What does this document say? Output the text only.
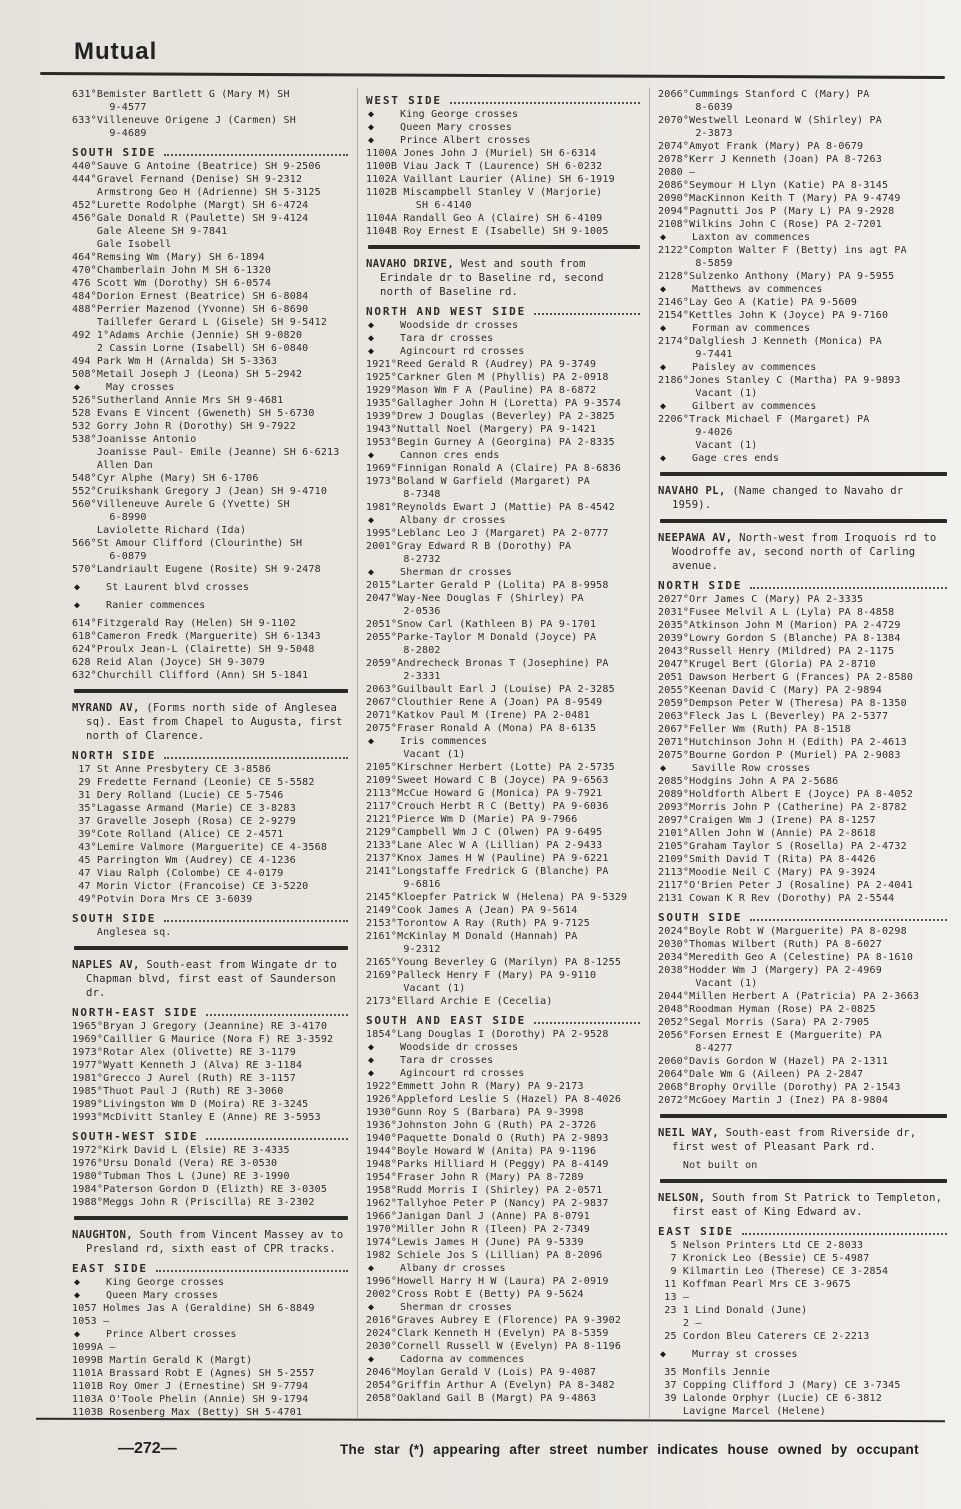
Mutual
631°Bemister Bartlett G (Mary M) SH
9-4577
633°Villeneuve Origene J (Carmen) SH
9-4689
SOUTH SIDE
440°Sauve G Antoine (Beatrice) SH 9-2506
444°Gravel Fernand (Denise) SH 9-2312
Armstrong Geo H (Adrienne) SH 5-3125
452°Lurette Rodolphe (Margt) SH 6-4724
456°Gale Donald R (Paulette) SH 9-4124
Gale Aleene SH 9-7841
Gale Isobell
464°Remsing Wm (Mary) SH 6-1894
470°Chamberlain John M SH 6-1320
476 Scott Wm (Dorothy) SH 6-0574
484°Dorion Ernest (Beatrice) SH 6-8084
488°Perrier Mazenod (Yvonne) SH 6-8690
Taillefer Gerard L (Gisele) SH 9-5412
492 1°Adams Archie (Jennie) SH 9-0820
2 Cassin Lorne (Isabell) SH 6-0840
494 Park Wm H (Arnalda) SH 5-3363
508°Metail Joseph J (Leona) SH 5-2942
◆	May crosses
526°Sutherland Annie Mrs SH 9-4681
528 Evans E Vincent (Gweneth) SH 5-6730
532 Gorry John R (Dorothy) SH 9-7922
538°Joanisse Antonio
Joanisse Paul- Emile (Jeanne) SH 6-6213
Allen Dan
548°Cyr Alphe (Mary) SH 6-1706
552°Cruikshank Gregory J (Jean) SH 9-4710
560°Villeneuve Aurele G (Yvette) SH
6-8990
Laviolette Richard (Ida)
566°St Amour Clifford (Clourinthe) SH
6-0879
570°Landriault Eugene (Rosite) SH 9-2478
◆	St Laurent blvd crosses
◆	Ranier commences
614°Fitzgerald Ray (Helen) SH 9-1102
618°Cameron Fredk (Marguerite) SH 6-1343
624°Proulx Jean-L (Clairette) SH 9-5048
628 Reid Alan (Joyce) SH 9-3079
632°Churchill Clifford (Ann) SH 5-1841
MYRAND AV, (Forms north side of Anglesea sq). East from Chapel to Augusta, first north of Clarence.
NORTH SIDE
17 St Anne Presbytery CE 3-8586
29 Fredette Fernand (Leonie) CE 5-5582
31 Dery Rolland (Lucie) CE 5-7546
35°Lagasse Armand (Marie) CE 3-8283
37 Gravelle Joseph (Rosa) CE 2-9279
39°Cote Rolland (Alice) CE 2-4571
43°Lemire Valmore (Marguerite) CE 4-3568
45 Parrington Wm (Audrey) CE 4-1236
47 Viau Ralph (Colombe) CE 4-0179
47 Morin Victor (Francoise) CE 3-5220
49°Potvin Dora Mrs CE 3-6039
SOUTH SIDE
Anglesea sq.
NAPLES AV, South-east from Wingate dr to Chapman blvd, first east of Saunderson dr.
NORTH-EAST SIDE
1965°Bryan J Gregory (Jeannine) RE 3-4170
1969°Caillier G Maurice (Nora F) RE 3-3592
1973°Rotar Alex (Olivette) RE 3-1179
1977°Wyatt Kenneth J (Alva) RE 3-1184
1981°Grecco J Aurel (Ruth) RE 3-1157
1985°Thuot Paul J (Ruth) RE 3-3060
1989°Livingston Wm D (Moira) RE 3-3245
1993°McDivitt Stanley E (Anne) RE 3-5953
SOUTH-WEST SIDE
1972°Kirk David L (Elsie) RE 3-4335
1976°Ursu Donald (Vera) RE 3-0530
1980°Tubman Thos L (June) RE 3-1990
1984°Paterson Gordon D (Elizth) RE 3-0305
1988°Meggs John R (Priscilla) RE 3-2302
NAUGHTON, South from Vincent Massey av to Presland rd, sixth east of CPR tracks.
EAST SIDE
◆	King George crosses
◆	Queen Mary crosses
1057 Holmes Jas A (Geraldine) SH 6-8849
1053 —
◆	Prince Albert crosses
1099A —
1099B Martin Gerald K (Margt)
1101A Brassard Robt E (Agnes) SH 5-2557
1101B Roy Omer J (Ernestine) SH 9-7794
1103A O'Toole Phelin (Annie) SH 9-1794
1103B Rosenberg Max (Betty) SH 5-4701
WEST SIDE
◆	King George crosses
◆	Queen Mary crosses
◆	Prince Albert crosses
1100A Jones John J (Muriel) SH 6-6314
1100B Viau Jack T (Laurence) SH 6-0232
1102A Vaillant Laurier (Aline) SH 6-1919
1102B Miscampbell Stanley V (Marjorie)
SH 6-4140
1104A Randall Geo A (Claire) SH 6-4109
1104B Roy Ernest E (Isabelle) SH 9-1005
NAVAHO DRIVE, West and south from Erindale dr to Baseline rd, second north of Baseline rd.
NORTH AND WEST SIDE
◆	Woodside dr crosses
◆	Tara dr crosses
◆	Agincourt rd crosses
1921°Reed Gerald R (Audrey) PA 9-3749
1925°Carkner Glen M (Phyllis) PA 2-0918
1929°Mason Wm F A (Pauline) PA 8-6872
1935°Gallagher John H (Loretta) PA 9-3574
1939°Drew J Douglas (Beverley) PA 2-3825
1943°Nuttall Noel (Margery) PA 9-1421
1953°Begin Gurney A (Georgina) PA 2-8335
◆	Cannon cres ends
1969°Finnigan Ronald A (Claire) PA 8-6836
1973°Boland W Garfield (Margaret) PA
8-7348
1981°Reynolds Ewart J (Mattie) PA 8-4542
◆	Albany dr crosses
1995°Leblanc Leo J (Margaret) PA 2-0777
2001°Gray Edward R B (Dorothy) PA
8-2732
◆	Sherman dr crosses
2015°Larter Gerald P (Lolita) PA 8-9958
2047°Way-Nee Douglas F (Shirley) PA
2-0536
2051°Snow Carl (Kathleen B) PA 9-1701
2055°Parke-Taylor M Donald (Joyce) PA
8-2802
2059°Andrecheck Bronas T (Josephine) PA
2-3331
2063°Guilbault Earl J (Louise) PA 2-3285
2067°Clouthier Rene A (Joan) PA 8-9549
2071°Katkov Paul M (Irene) PA 2-0481
2075°Fraser Ronald A (Mona) PA 8-6135
◆	Iris commences
Vacant (1)
2105°Kirschner Herbert (Lotte) PA 2-5735
2109°Sweet Howard C B (Joyce) PA 9-6563
2113°McCue Howard G (Monica) PA 9-7921
2117°Crouch Herbt R C (Betty) PA 9-6036
2121°Pierce Wm D (Marie) PA 9-7966
2129°Campbell Wm J C (Olwen) PA 9-6495
2133°Lane Alec W A (Lillian) PA 2-9433
2137°Knox James H W (Pauline) PA 9-6221
2141°Longstaffe Fredrick G (Blanche) PA
9-6816
2145°Kloepfer Patrick W (Helena) PA 9-5329
2149°Cook James A (Jean) PA 9-5614
2153°Torontow A Ray (Ruth) PA 9-7125
2161°McKinlay M Donald (Hannah) PA
9-2312
2165°Young Beverley G (Marilyn) PA 8-1255
2169°Palleck Henry F (Mary) PA 9-9110
Vacant (1)
2173°Ellard Archie E (Cecelia)
SOUTH AND EAST SIDE
1854°Lang Douglas I (Dorothy) PA 2-9528
◆	Woodside dr crosses
◆	Tara dr crosses
◆	Agincourt rd crosses
1922°Emmett John R (Mary) PA 9-2173
1926°Appleford Leslie S (Hazel) PA 8-4026
1930°Gunn Roy S (Barbara) PA 9-3998
1936°Johnston John G (Ruth) PA 2-3726
1940°Paquette Donald O (Ruth) PA 2-9893
1944°Boyle Howard W (Anita) PA 9-1196
1948°Parks Hilliard H (Peggy) PA 8-4149
1954°Fraser John R (Mary) PA 8-7289
1958°Rudd Morris I (Shirley) PA 2-0571
1962°Tallyhoe Peter P (Nancy) PA 2-9837
1966°Janigan Danl J (Anne) PA 8-0791
1970°Miller John R (Ileen) PA 2-7349
1974°Lewis James H (June) PA 9-5339
1982 Schiele Jos S (Lillian) PA 8-2096
◆	Albany dr crosses
1996°Howell Harry H W (Laura) PA 2-0919
2002°Cross Robt E (Betty) PA 9-5624
◆	Sherman dr crosses
2016°Graves Aubrey E (Florence) PA 9-3902
2024°Clark Kenneth H (Evelyn) PA 8-5359
2030°Cornell Russell W (Evelyn) PA 8-1196
◆	Cadorna av commences
2046°Moylan Gerald V (Lois) PA 9-4087
2054°Griffin Arthur A (Evelyn) PA 8-3482
2058°Oakland Gail B (Margt) PA 9-4863
2066°Cummings Stanford C (Mary) PA
8-6039
2070°Westwell Leonard W (Shirley) PA
2-3873
2074°Amyot Frank (Mary) PA 8-0679
2078°Kerr J Kenneth (Joan) PA 8-7263
2080 —
2086°Seymour H Llyn (Katie) PA 8-3145
2090°MacKinnon Keith T (Mary) PA 9-4749
2094°Pagnutti Jos P (Mary L) PA 9-2928
2108°Wilkins John C (Rose) PA 2-7201
◆	Laxton av commences
2122°Compton Walter F (Betty) ins agt PA
8-5859
2128°Sulzenko Anthony (Mary) PA 9-5955
◆	Matthews av commences
2146°Lay Geo A (Katie) PA 9-5609
2154°Kettles John K (Joyce) PA 9-7160
◆	Forman av commences
2174°Dalgliesh J Kenneth (Monica) PA
9-7441
◆	Paisley av commences
2186°Jones Stanley C (Martha) PA 9-9893
Vacant (1)
◆	Gilbert av commences
2206°Track Michael F (Margaret) PA
9-4026
Vacant (1)
◆	Gage cres ends
NAVAHO PL, (Name changed to Navaho dr 1959).
NEEPAWA AV, North-west from Iroquois rd to Woodroffe av, second north of Carling avenue.
NORTH SIDE
2027°Orr James C (Mary) PA 2-3335
2031°Fusee Melvil A L (Lyla) PA 8-4858
2035°Atkinson John M (Marion) PA 2-4729
2039°Lowry Gordon S (Blanche) PA 8-1384
2043°Russell Henry (Mildred) PA 2-1175
2047°Krugel Bert (Gloria) PA 2-8710
2051 Dawson Herbert G (Frances) PA 2-8580
2055°Keenan David C (Mary) PA 2-9894
2059°Dempson Peter W (Theresa) PA 8-1350
2063°Fleck Jas L (Beverley) PA 2-5377
2067°Feller Wm (Ruth) PA 8-1518
2071°Hutchinson John H (Edith) PA 2-4613
2075°Bourne Gordon P (Muriel) PA 2-9083
◆	Saville Row crosses
2085°Hodgins John A PA 2-5686
2089°Holdforth Albert E (Joyce) PA 8-4052
2093°Morris John P (Catherine) PA 2-8782
2097°Craigen Wm J (Irene) PA 8-1257
2101°Allen John W (Annie) PA 2-8618
2105°Graham Taylor S (Rosella) PA 2-4732
2109°Smith David T (Rita) PA 8-4426
2113°Moodie Neil C (Mary) PA 9-3924
2117°O'Brien Peter J (Rosaline) PA 2-4041
2131 Cowan K R Rev (Dorothy) PA 2-5544
SOUTH SIDE
2024°Boyle Robt W (Marguerite) PA 8-0298
2030°Thomas Wilbert (Ruth) PA 8-6027
2034°Meredith Geo A (Celestine) PA 8-1610
2038°Hodder Wm J (Margery) PA 2-4969
Vacant (1)
2044°Millen Herbert A (Patricia) PA 2-3663
2048°Roodman Hyman (Rose) PA 2-0825
2052°Segal Morris (Sara) PA 2-7905
2056°Forsen Ernest E (Marguerite) PA
8-4277
2060°Davis Gordon W (Hazel) PA 2-1311
2064°Dale Wm G (Aileen) PA 2-2847
2068°Brophy Orville (Dorothy) PA 2-1543
2072°McGoey Martin J (Inez) PA 8-9804
NEIL WAY, South-east from Riverside dr, first west of Pleasant Park rd.
Not built on
NELSON, South from St Patrick to Templeton, first east of King Edward av.
EAST SIDE
5 Nelson Printers Ltd CE 2-8033
7 Kronick Leo (Bessie) CE 5-4987
9 Kilmartin Leo (Therese) CE 3-2854
11 Koffman Pearl Mrs CE 3-9675
13 —
23 1 Lind Donald (June)
2 —
25 Cordon Bleu Caterers CE 2-2213
◆	Murray st crosses
35 Monfils Jennie
37 Copping Clifford J (Mary) CE 3-7345
39 Lalonde Orphyr (Lucie) CE 6-3812
Lavigne Marcel (Helene)
—272—	The star (*) appearing after street number indicates house owned by occupant
